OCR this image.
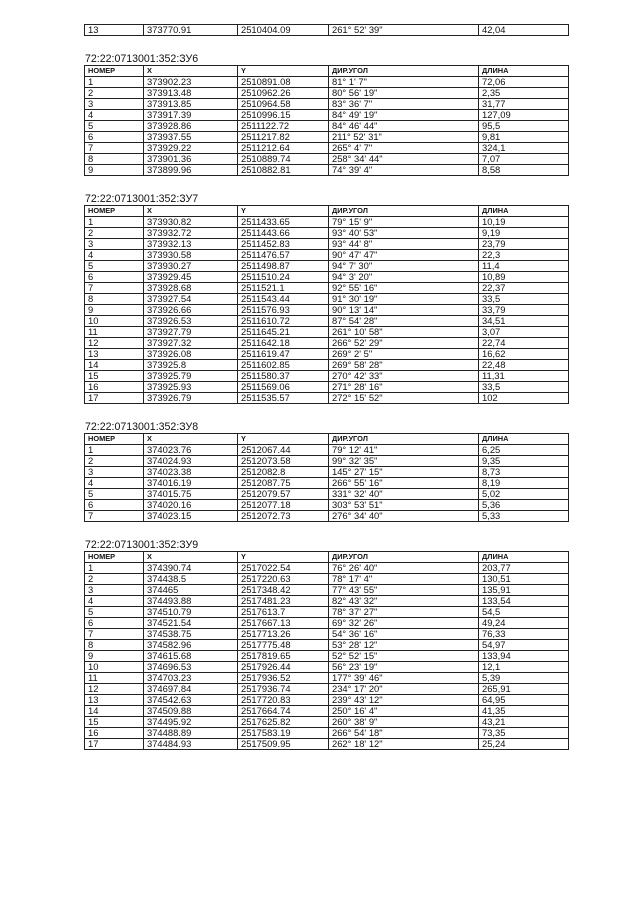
13	373770.91	2510404.09	261° 52' 39"	42,04
72:22:0713001:352:ЗУ6
НОМЕР	X	Y	ДИР.УГОЛ	ДЛИНА
1	373902.23	2510891.08	81° 1' 7"	72,06
2	373913.48	2510962.26	80° 56' 19"	2,35
3	373913.85	2510964.58	83° 36' 7"	31,77
4	373917.39	2510996.15	84° 49' 19"	127,09
5	373928.86	2511122.72	84° 46' 44"	95,5
6	373937.55	2511217.82	211° 52' 31"	9,81
7	373929.22	2511212.64	265° 4' 7"	324,1
8	373901.36	2510889.74	258° 34' 44"	7,07
9	373899.96	2510882.81	74° 39' 4"	8,58
72:22:0713001:352:ЗУ7
НОМЕР	X	Y	ДИР.УГОЛ	ДЛИНА
1	373930.82	2511433.65	79° 15' 9"	10,19
2	373932.72	2511443.66	93° 40' 53"	9,19
3	373932.13	2511452.83	93° 44' 8"	23,79
4	373930.58	2511476.57	90° 47' 47"	22,3
5	373930.27	2511498.87	94° 7' 30"	11,4
6	373929.45	2511510.24	94° 3' 20"	10,89
7	373928.68	2511521.1	92° 55' 16"	22,37
8	373927.54	2511543.44	91° 30' 19"	33,5
9	373926.66	2511576.93	90° 13' 14"	33,79
10	373926.53	2511610.72	87° 54' 28"	34,51
11	373927.79	2511645.21	261° 10' 58"	3,07
12	373927.32	2511642.18	266° 52' 29"	22,74
13	373926.08	2511619.47	269° 2' 5"	16,62
14	373925.8	2511602.85	269° 58' 28"	22,48
15	373925.79	2511580.37	270° 42' 33"	11,31
16	373925.93	2511569.06	271° 28' 16"	33,5
17	373926.79	2511535.57	272° 15' 52"	102
72:22:0713001:352:ЗУ8
НОМЕР	X	Y	ДИР.УГОЛ	ДЛИНА
1	374023.76	2512067.44	79° 12' 41"	6,25
2	374024.93	2512073.58	99° 32' 35"	9,35
3	374023.38	2512082.8	145° 27' 15"	8,73
4	374016.19	2512087.75	266° 55' 16"	8,19
5	374015.75	2512079.57	331° 32' 40"	5,02
6	374020.16	2512077.18	303° 53' 51"	5,36
7	374023.15	2512072.73	276° 34' 40"	5,33
72:22:0713001:352:ЗУ9
НОМЕР	X	Y	ДИР.УГОЛ	ДЛИНА
1	374390.74	2517022.54	76° 26' 40"	203,77
2	374438.5	2517220.63	78° 17' 4"	130,51
3	374465	2517348.42	77° 43' 55"	135,91
4	374493.88	2517481.23	82° 43' 32"	133,54
5	374510.79	2517613.7	78° 37' 27"	54,5
6	374521.54	2517667.13	69° 32' 26"	49,24
7	374538.75	2517713.26	54° 36' 16"	76,33
8	374582.96	2517775.48	53° 28' 12"	54,97
9	374615.68	2517819.65	52° 52' 15"	133,94
10	374696.53	2517926.44	56° 23' 19"	12,1
11	374703.23	2517936.52	177° 39' 46"	5,39
12	374697.84	2517936.74	234° 17' 20"	265,91
13	374542.63	2517720.83	239° 43' 12"	64,95
14	374509.88	2517664.74	250° 16' 4"	41,35
15	374495.92	2517625.82	260° 38' 9"	43,21
16	374488.89	2517583.19	266° 54' 18"	73,35
17	374484.93	2517509.95	262° 18' 12"	25,24
